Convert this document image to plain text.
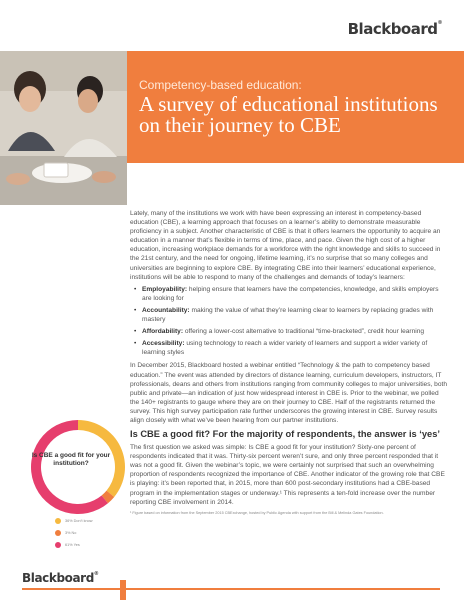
Blackboard®
Competency-based education:
A survey of educational institutions on their journey to CBE

Lately, many of the institutions we work with have been expressing an interest in competency-based education (CBE), a learning approach that focuses on a learner’s ability to demonstrate measurable proficiency in a subject. Another characteristic of CBE is that it offers learners the opportunity to acquire an education in a manner that’s flexible in terms of time, place, and pace. Given the high cost of a higher education, increasing workplace demands for a workforce with the right knowledge and skills to succeed in the 21st century, and the need for ongoing, lifetime learning, it’s no surprise that so many colleges and universities are beginning to explore CBE. By integrating CBE into their learners’ educational experience, institutions will be able to respond to many of the challenges and demands of today’s learners:

• Employability: helping ensure that learners have the competencies, knowledge, and skills employers are looking for
• Accountability: making the value of what they’re learning clear to learners by replacing grades with mastery
• Affordability: offering a lower-cost alternative to traditional “time-bracketed”, credit hour learning
• Accessibility: using technology to reach a wider variety of learners and support a wider variety of learning styles

In December 2015, Blackboard hosted a webinar entitled “Technology & the path to competency based education.” The event was attended by directors of distance learning, curriculum developers, instructors, IT professionals, deans and others from institutions ranging from community colleges to major universities, both public and private—an indication of just how widespread interest in CBE is. Prior to the webinar, we polled the 140+ registrants to gauge where they are on their journey to CBE. Half of the registrants returned the survey. This high survey participation rate further underscores the growing interest in CBE. Survey results align closely with what we’ve been hearing from our partner institutions.

Is CBE a good fit? For the majority of respondents, the answer is ‘yes’

The first question we asked was simple: Is CBE a good fit for your institution? Sixty-one percent of respondents indicated that it was. Thirty-six percent weren’t sure, and only three percent responded that it was not a good fit. Given the webinar’s topic, we were certainly not surprised that such an overwhelming proportion of respondents recognized the importance of CBE. Another indicator of the growing role that CBE is playing: it’s been reported that, in 2015, more than 600 post-secondary institutions had a CBE-based program in the implementation stages or underway.¹ This represents a ten-fold increase over the number reporting CBE involvement in 2014.

¹ Figure based on information from the September 2015 CBExchange, hosted by Public Agenda with support from the Bill & Melinda Gates Foundation.
Is CBE a good fit for your institution?
36% Don’t know
3% No
61% Yes
Blackboard®
